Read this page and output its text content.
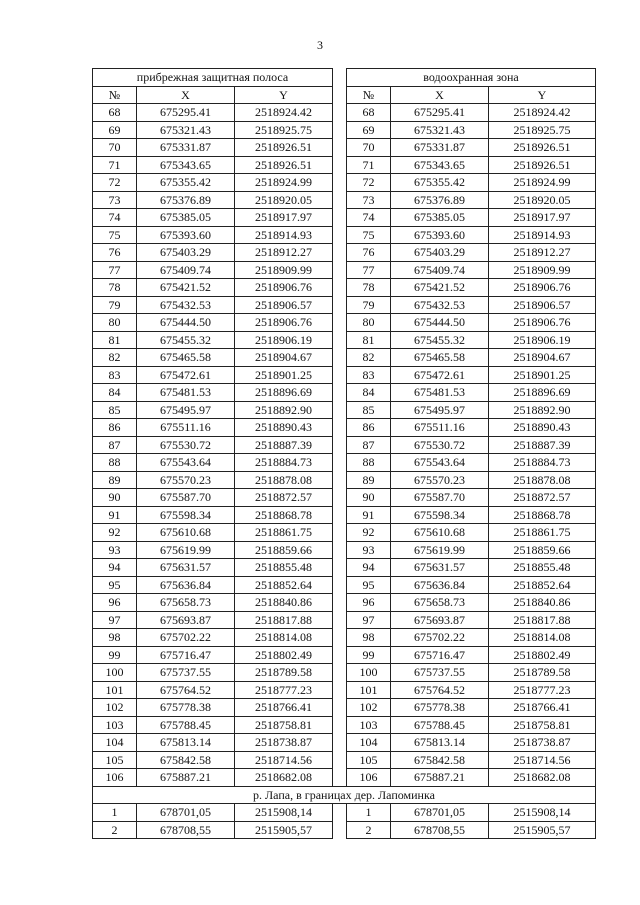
3
прибрежная защитная полоса				водоохранная зона		
№	X	Y		№	X	Y
68	675295.41	2518924.42		68	675295.41	2518924.42
69	675321.43	2518925.75		69	675321.43	2518925.75
70	675331.87	2518926.51		70	675331.87	2518926.51
71	675343.65	2518926.51		71	675343.65	2518926.51
72	675355.42	2518924.99		72	675355.42	2518924.99
73	675376.89	2518920.05		73	675376.89	2518920.05
74	675385.05	2518917.97		74	675385.05	2518917.97
75	675393.60	2518914.93		75	675393.60	2518914.93
76	675403.29	2518912.27		76	675403.29	2518912.27
77	675409.74	2518909.99		77	675409.74	2518909.99
78	675421.52	2518906.76		78	675421.52	2518906.76
79	675432.53	2518906.57		79	675432.53	2518906.57
80	675444.50	2518906.76		80	675444.50	2518906.76
81	675455.32	2518906.19		81	675455.32	2518906.19
82	675465.58	2518904.67		82	675465.58	2518904.67
83	675472.61	2518901.25		83	675472.61	2518901.25
84	675481.53	2518896.69		84	675481.53	2518896.69
85	675495.97	2518892.90		85	675495.97	2518892.90
86	675511.16	2518890.43		86	675511.16	2518890.43
87	675530.72	2518887.39		87	675530.72	2518887.39
88	675543.64	2518884.73		88	675543.64	2518884.73
89	675570.23	2518878.08		89	675570.23	2518878.08
90	675587.70	2518872.57		90	675587.70	2518872.57
91	675598.34	2518868.78		91	675598.34	2518868.78
92	675610.68	2518861.75		92	675610.68	2518861.75
93	675619.99	2518859.66		93	675619.99	2518859.66
94	675631.57	2518855.48		94	675631.57	2518855.48
95	675636.84	2518852.64		95	675636.84	2518852.64
96	675658.73	2518840.86		96	675658.73	2518840.86
97	675693.87	2518817.88		97	675693.87	2518817.88
98	675702.22	2518814.08		98	675702.22	2518814.08
99	675716.47	2518802.49		99	675716.47	2518802.49
100	675737.55	2518789.58		100	675737.55	2518789.58
101	675764.52	2518777.23		101	675764.52	2518777.23
102	675778.38	2518766.41		102	675778.38	2518766.41
103	675788.45	2518758.81		103	675788.45	2518758.81
104	675813.14	2518738.87		104	675813.14	2518738.87
105	675842.58	2518714.56		105	675842.58	2518714.56
106	675887.21	2518682.08		106	675887.21	2518682.08
р. Лапа, в границах дер. Лапоминка						
1	678701,05	2515908,14		1	678701,05	2515908,14
2	678708,55	2515905,57		2	678708,55	2515905,57
